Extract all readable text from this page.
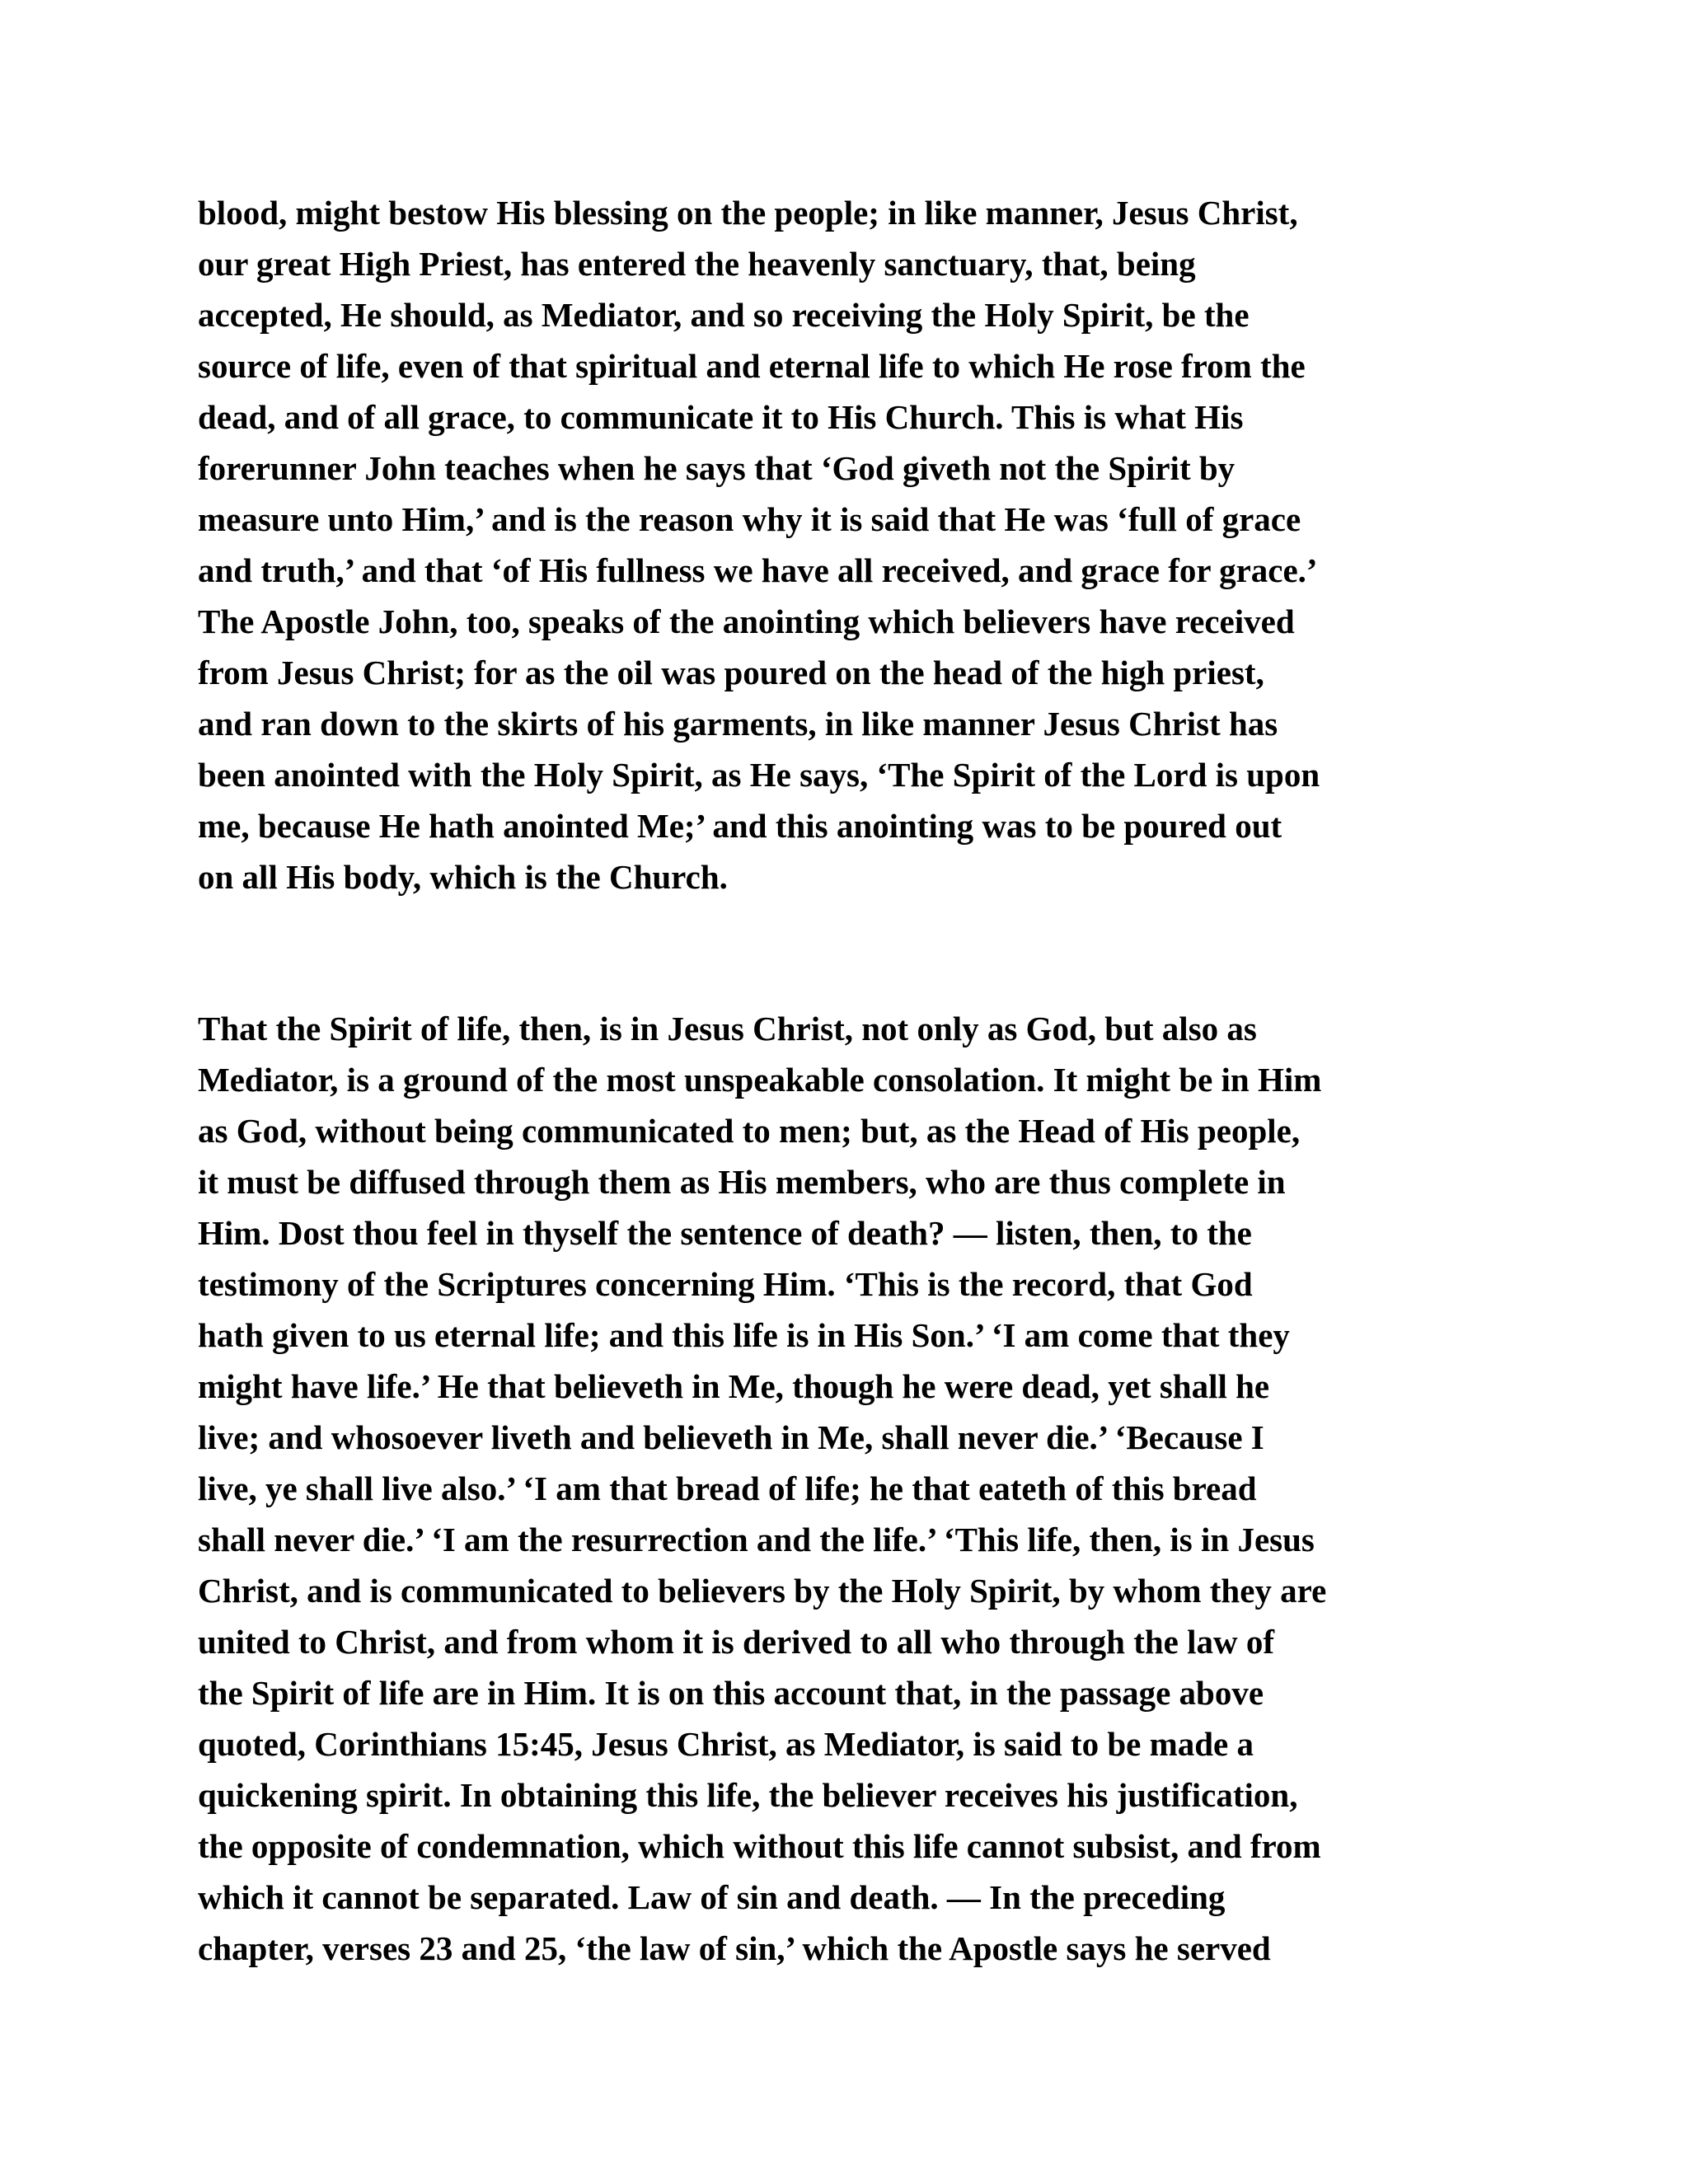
blood, might bestow His blessing on the people; in like manner, Jesus Christ,
our great High Priest, has entered the heavenly sanctuary, that, being
accepted, He should, as Mediator, and so receiving the Holy Spirit, be the
source of life, even of that spiritual and eternal life to which He rose from the
dead, and of all grace, to communicate it to His Church. This is what His
forerunner John teaches when he says that ‘God giveth not the Spirit by
measure unto Him,’ and is the reason why it is said that He was ‘full of grace
and truth,’ and that ‘of His fullness we have all received, and grace for grace.’
The Apostle John, too, speaks of the anointing which believers have received
from Jesus Christ; for as the oil was poured on the head of the high priest,
and ran down to the skirts of his garments, in like manner Jesus Christ has
been anointed with the Holy Spirit, as He says, ‘The Spirit of the Lord is upon
me, because He hath anointed Me;’ and this anointing was to be poured out
on all His body, which is the Church.

That the Spirit of life, then, is in Jesus Christ, not only as God, but also as
Mediator, is a ground of the most unspeakable consolation. It might be in Him
as God, without being communicated to men; but, as the Head of His people,
it must be diffused through them as His members, who are thus complete in
Him. Dost thou feel in thyself the sentence of death? — listen, then, to the
testimony of the Scriptures concerning Him. ‘This is the record, that God
hath given to us eternal life; and this life is in His Son.’ ‘I am come that they
might have life.’ He that believeth in Me, though he were dead, yet shall he
live; and whosoever liveth and believeth in Me, shall never die.’ ‘Because I
live, ye shall live also.’ ‘I am that bread of life; he that eateth of this bread
shall never die.’ ‘I am the resurrection and the life.’ ‘This life, then, is in Jesus
Christ, and is communicated to believers by the Holy Spirit, by whom they are
united to Christ, and from whom it is derived to all who through the law of
the Spirit of life are in Him. It is on this account that, in the passage above
quoted, Corinthians 15:45, Jesus Christ, as Mediator, is said to be made a
quickening spirit. In obtaining this life, the believer receives his justification,
the opposite of condemnation, which without this life cannot subsist, and from
which it cannot be separated. Law of sin and death. — In the preceding
chapter, verses 23 and 25, ‘the law of sin,’ which the Apostle says he served
